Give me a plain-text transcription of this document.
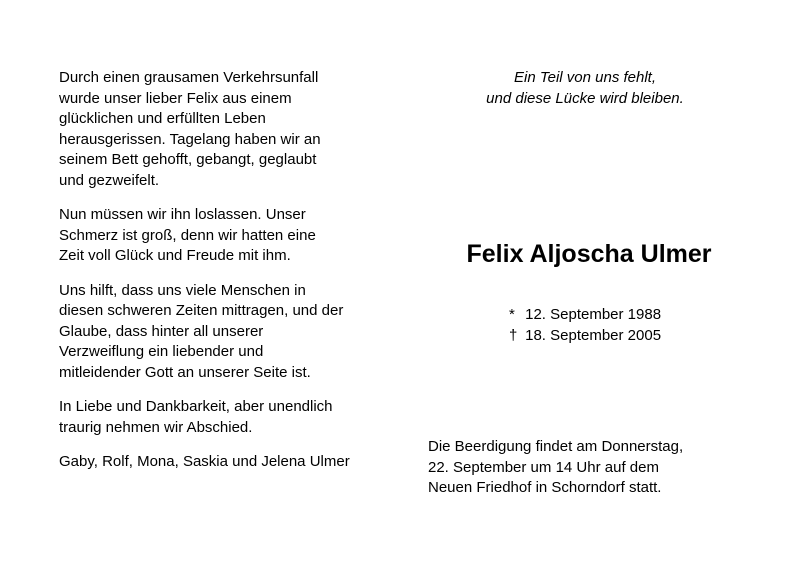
Durch einen grausamen Verkehrsunfall
wurde unser lieber Felix aus einem
glücklichen und erfüllten Leben
herausgerissen. Tagelang haben wir an
seinem Bett gehofft, gebangt, geglaubt
und gezweifelt.

Nun müssen wir ihn loslassen. Unser
Schmerz ist groß, denn wir hatten eine
Zeit voll Glück und Freude mit ihm.

Uns hilft, dass uns viele Menschen in
diesen schweren Zeiten mittragen, und der
Glaube, dass hinter all unserer
Verzweiflung ein liebender und
mitleidender Gott an unserer Seite ist.

In Liebe und Dankbarkeit, aber unendlich
traurig nehmen wir Abschied.

Gaby, Rolf, Mona, Saskia und Jelena Ulmer

Ein Teil von uns fehlt,
und diese Lücke wird bleiben.
Felix Aljoscha Ulmer
* 12. September 1988
† 18. September 2005
Die Beerdigung findet am Donnerstag,
22. September um 14 Uhr auf dem
Neuen Friedhof in Schorndorf statt.
